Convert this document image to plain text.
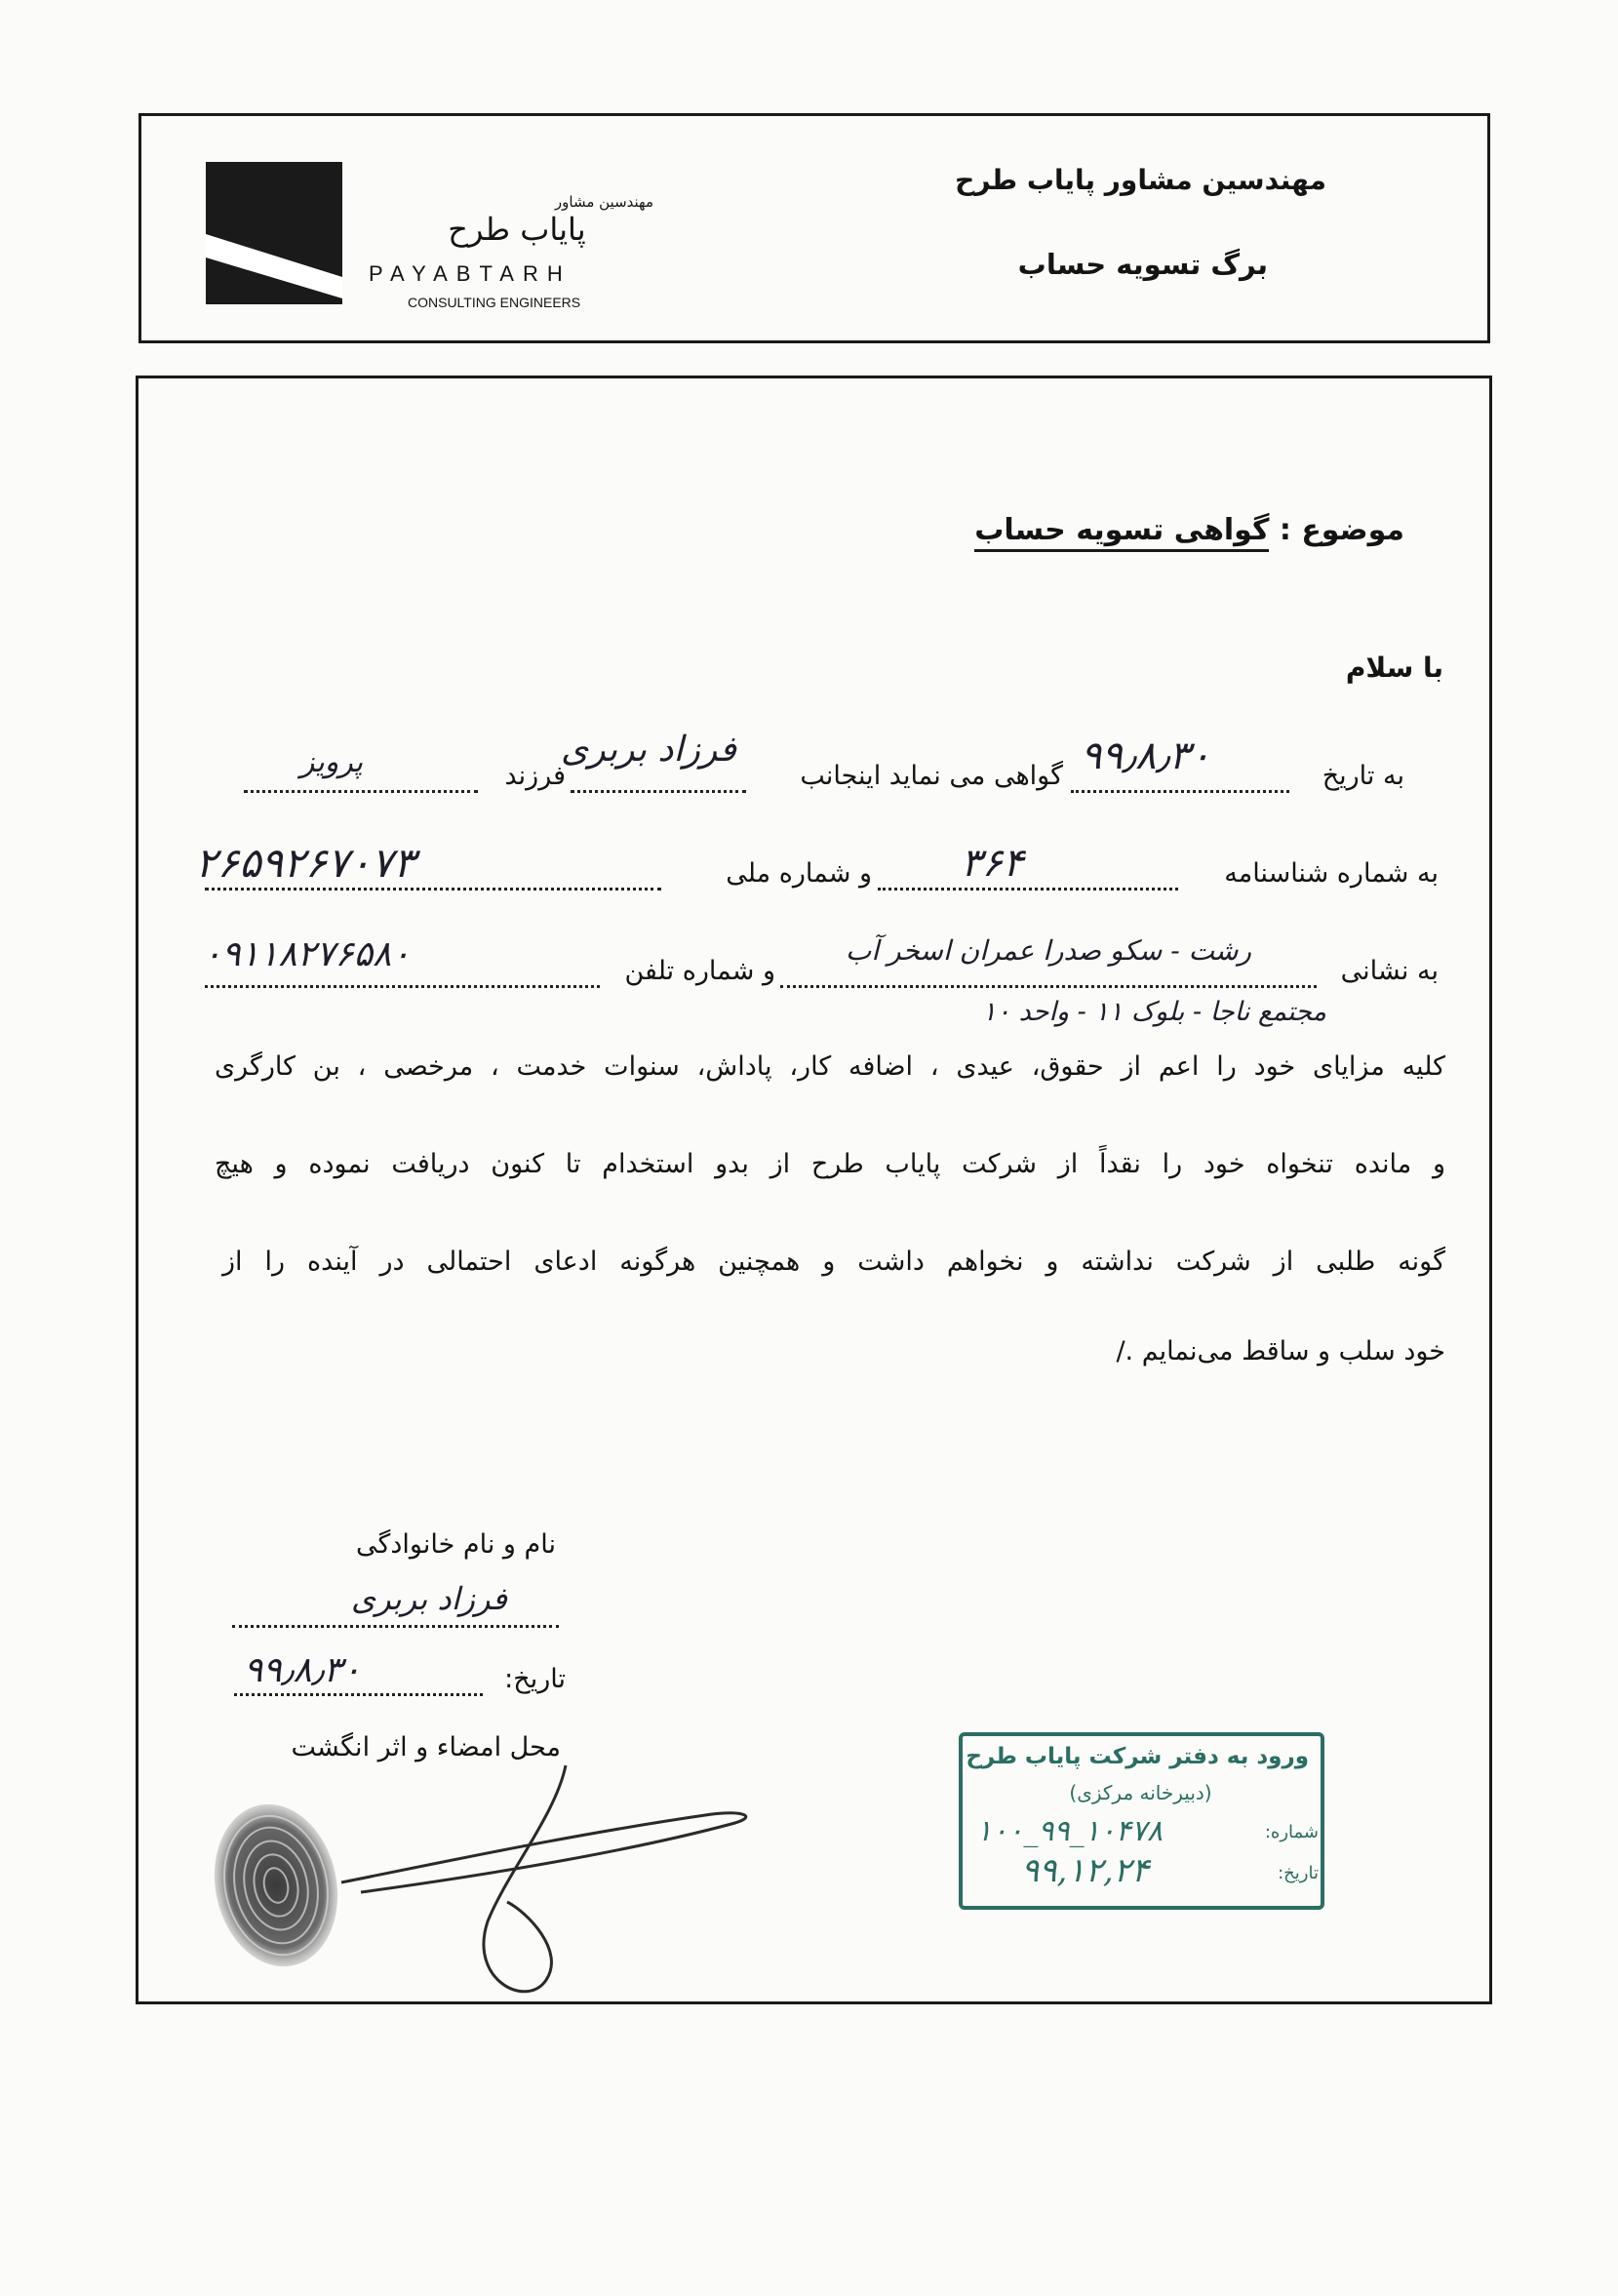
مهندسین مشاور
پایاب طرح
PAYABTARH
CONSULTING ENGINEERS
مهندسین مشاور پایاب طرح
برگ تسویه حساب
موضوع : گواهی تسویه حساب
با سلام
به تاریخ
۹۹٫۸٫۳۰
گواهی می نماید اینجانب
فرزاد بربری
فرزند
پرویز
به شماره شناسنامه
۳۶۴
و شماره ملی
۲۶۵۹۲۶۷۰۷۳
به نشانی
رشت - سکو صدرا عمران اسخر آب
و شماره تلفن
۰۹۱۱۸۲۷۶۵۸۰
مجتمع ناجا - بلوک ۱۱ - واحد ۱۰
کلیه مزایای خود را اعم از حقوق، عیدی ، اضافه کار، پاداش، سنوات خدمت ، مرخصی ، بن کارگری
و مانده تنخواه خود را نقداً از شرکت پایاب طرح از بدو استخدام تا کنون دریافت نموده و هیچ
گونه طلبی از شرکت نداشته و نخواهم داشت و همچنین هرگونه ادعای احتمالی در آینده را از
خود سلب و ساقط می‌نمایم ./
نام و نام خانوادگی
فرزاد بربری
تاریخ:
۹۹٫۸٫۳۰
محل امضاء و اثر انگشت	ورود به دفتر شرکت پایاب طرح
(دبیرخانه مرکزی)
شماره:
۱۰۰_۹۹_۱۰۴۷۸
تاریخ:
۹۹,۱۲,۲۴
